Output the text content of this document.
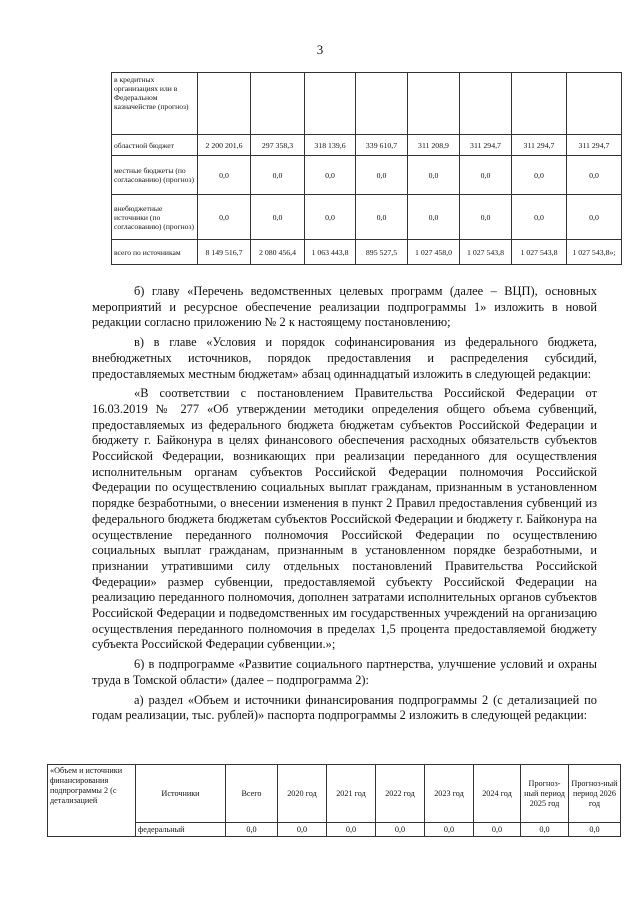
3
в кредитных организациях или в Федеральном казначействе (прогноз)								
областной бюджет	2 200 201,6	297 358,3	318 139,6	339 610,7	311 208,9	311 294,7	311 294,7	311 294,7
местные бюджеты (по согласованию) (прогноз)	0,0	0,0	0,0	0,0	0,0	0,0	0,0	0,0
внебюджетные источники (по согласованию) (прогноз)	0,0	0,0	0,0	0,0	0,0	0,0	0,0	0,0
всего по источникам	8 149 516,7	2 080 456,4	1 063 443,8	895 527,5	1 027 458,0	1 027 543,8	1 027 543,8	1 027 543,8»;

б) главу «Перечень ведомственных целевых программ (далее – ВЦП), основных мероприятий и ресурсное обеспечение реализации подпрограммы 1» изложить в новой редакции согласно приложению № 2 к настоящему постановлению;

в) в главе «Условия и порядок софинансирования из федерального бюджета, внебюджетных источников, порядок предоставления и распределения субсидий, предоставляемых местным бюджетам» абзац одиннадцатый изложить в следующей редакции:

«В соответствии с постановлением Правительства Российской Федерации от 16.03.2019 № 277 «Об утверждении методики определения общего объема субвенций, предоставляемых из федерального бюджета бюджетам субъектов Российской Федерации и бюджету г. Байконура в целях финансового обеспечения расходных обязательств субъектов Российской Федерации, возникающих при реализации переданного для осуществления исполнительным органам субъектов Российской Федерации полномочия Российской Федерации по осуществлению социальных выплат гражданам, признанным в установленном порядке безработными, о внесении изменения в пункт 2 Правил предоставления субвенций из федерального бюджета бюджетам субъектов Российской Федерации и бюджету г. Байконура на осуществление переданного полномочия Российской Федерации по осуществлению социальных выплат гражданам, признанным в установленном порядке безработными, и признании утратившими силу отдельных постановлений Правительства Российской Федерации» размер субвенции, предоставляемой субъекту Российской Федерации на реализацию переданного полномочия, дополнен затратами исполнительных органов субъектов Российской Федерации и подведомственных им государственных учреждений на организацию осуществления переданного полномочия в пределах 1,5 процента предоставляемой бюджету субъекта Российской Федерации субвенции.»;

6) в подпрограмме «Развитие социального партнерства, улучшение условий и охраны труда в Томской области» (далее – подпрограмма 2):

а) раздел «Объем и источники финансирования подпрограммы 2 (с детализацией по годам реализации, тыс. рублей)» паспорта подпрограммы 2 изложить в следующей редакции:

«Объем и источники финансирования подпрограммы 2 (с детализацией	Источники	Всего	2020 год	2021 год	2022 год	2023 год	2024 год	Прогноз-ный период 2025 год	Прогноз-ный период 2026 год
	федеральный	0,0	0,0	0,0	0,0	0,0	0,0	0,0	0,0
